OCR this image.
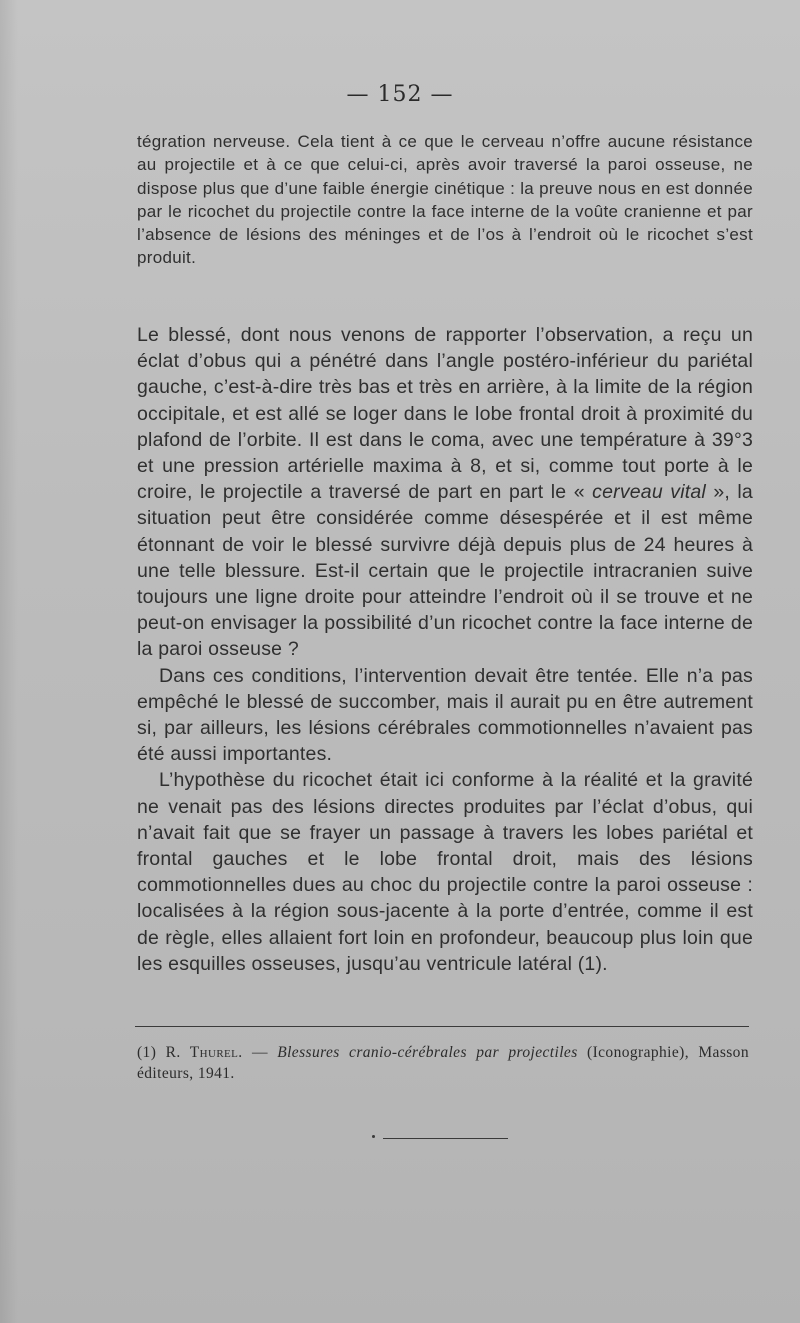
— 152 —

tégration nerveuse. Cela tient à ce que le cerveau n’offre aucune résistance au projectile et à ce que celui-ci, après avoir traversé la paroi osseuse, ne dispose plus que d’une faible énergie cinétique : la preuve nous en est donnée par le ricochet du projectile contre la face interne de la voûte cranienne et par l’absence de lésions des méninges et de l’os à l’endroit où le ricochet s’est produit.

Le blessé, dont nous venons de rapporter l’observation, a reçu un éclat d’obus qui a pénétré dans l’angle postéro-inférieur du pariétal gauche, c’est-à-dire très bas et très en arrière, à la limite de la région occipitale, et est allé se loger dans le lobe frontal droit à proximité du plafond de l’orbite. Il est dans le coma, avec une température à 39°3 et une pression artérielle maxima à 8, et si, comme tout porte à le croire, le projectile a traversé de part en part le « cerveau vital », la situation peut être considérée comme désespérée et il est même étonnant de voir le blessé survivre déjà depuis plus de 24 heures à une telle blessure. Est-il certain que le projectile intracranien suive toujours une ligne droite pour atteindre l’endroit où il se trouve et ne peut-on envisager la possibilité d’un ricochet contre la face interne de la paroi osseuse ?

Dans ces conditions, l’intervention devait être tentée. Elle n’a pas empêché le blessé de succomber, mais il aurait pu en être autrement si, par ailleurs, les lésions cérébrales commotionnelles n’avaient pas été aussi importantes.

L’hypothèse du ricochet était ici conforme à la réalité et la gravité ne venait pas des lésions directes produites par l’éclat d’obus, qui n’avait fait que se frayer un passage à travers les lobes pariétal et frontal gauches et le lobe frontal droit, mais des lésions commotionnelles dues au choc du projectile contre la paroi osseuse : localisées à la région sous-jacente à la porte d’entrée, comme il est de règle, elles allaient fort loin en profondeur, beaucoup plus loin que les esquilles osseuses, jusqu’au ventricule latéral (1).

(1) R. Thurel. — Blessures cranio-cérébrales par projectiles (Iconographie), Masson éditeurs, 1941.
